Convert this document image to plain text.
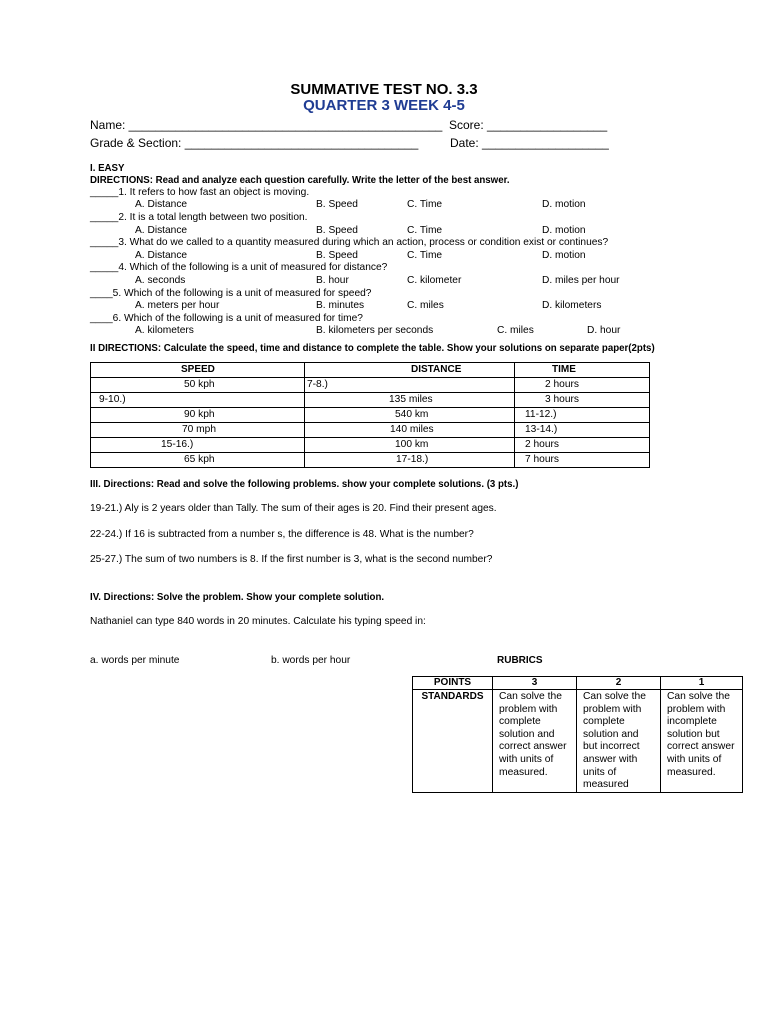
SUMMATIVE TEST NO. 3.3
QUARTER 3 WEEK 4-5
Name: _______________________________________________ Score: __________________
Grade & Section: ___________________________________	Date: ___________________
I. EASY
DIRECTIONS: Read and analyze each question carefully. Write the letter of the best answer.
_____1. It refers to how fast an object is moving.
A. Distance	B. Speed	C. Time	D. motion
_____2. It is a total length between two position.
A. Distance	B. Speed	C. Time	D. motion
_____3. What do we called to a quantity measured during which an action, process or condition exist or continues?
A. Distance	B. Speed	C. Time	D. motion
_____4. Which of the following is a unit of measured for distance?
A. seconds	B. hour	C. kilometer	D. miles per hour
____5. Which of the following is a unit of measured for speed?
A. meters per hour	B. minutes	C. miles	D. kilometers
____6. Which of the following is a unit of measured for time?
A. kilometers	B. kilometers per seconds	C. miles	D. hour
II DIRECTIONS: Calculate the speed, time and distance to complete the table. Show your solutions on separate paper(2pts)
SPEED	DISTANCE	TIME
50 kph	7-8.)	2 hours
9-10.)	135 miles	3 hours
90 kph	540 km	11-12.)
70 mph	140 miles	13-14.)
15-16.)	100 km	2 hours
65 kph	17-18.)	7 hours
III. Directions: Read and solve the following problems. show your complete solutions. (3 pts.)
19-21.) Aly is 2 years older than Tally. The sum of their ages is 20. Find their present ages.
22-24.) If 16 is subtracted from a number s, the difference is 48. What is the number?
25-27.) The sum of two numbers is 8. If the first number is 3, what is the second number?
IV. Directions: Solve the problem. Show your complete solution.
Nathaniel can type 840 words in 20 minutes. Calculate his typing speed in:
a. words per minute	b. words per hour	RUBRICS
POINTS	3	2	1
STANDARDS	Can solve the problem with complete solution and correct answer with units of measured.	Can solve the problem with complete solution and but incorrect answer with units of measured	Can solve the problem with incomplete solution but correct answer with units of measured.
